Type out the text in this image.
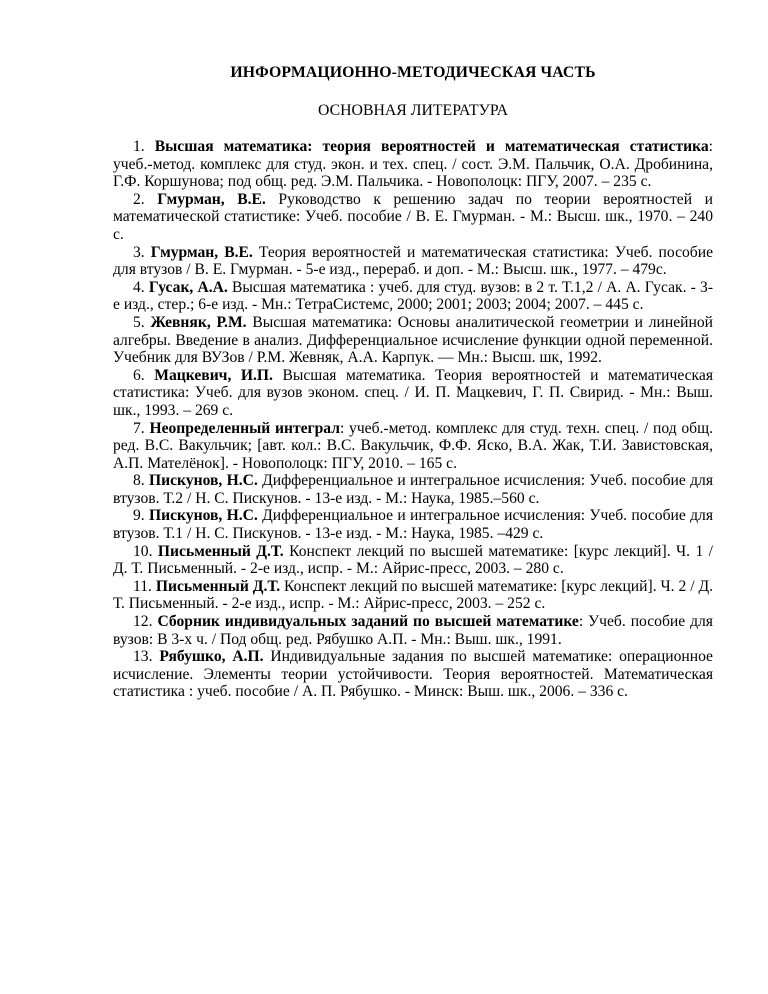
ИНФОРМАЦИОННО-МЕТОДИЧЕСКАЯ ЧАСТЬ

ОСНОВНАЯ ЛИТЕРАТУРА

1. Высшая математика: теория вероятностей и математическая статистика: учеб.-метод. комплекс для студ. экон. и тех. спец. / сост. Э.М. Пальчик, О.А. Дробинина, Г.Ф. Коршунова; под общ. ред. Э.М. Пальчика. - Новополоцк: ПГУ, 2007. – 235 с.

2. Гмурман, В.Е. Руководство к решению задач по теории вероятностей и математической статистике: Учеб. пособие / В. Е. Гмурман. - М.: Высш. шк., 1970. – 240 с.

3. Гмурман, В.Е. Теория вероятностей и математическая статистика: Учеб. пособие для втузов / В. Е. Гмурман. - 5-е изд., перераб. и доп. - М.: Высш. шк., 1977. – 479с.

4. Гусак, А.А. Высшая математика : учеб. для студ. вузов: в 2 т. Т.1,2 / А. А. Гусак. - 3-е изд., стер.; 6-е изд. - Мн.: ТетраСистемс, 2000; 2001; 2003; 2004; 2007. – 445 с.

5. Жевняк, Р.М. Высшая математика: Основы аналитической геометрии и линейной алгебры. Введение в анализ. Дифференциальное исчисление функции одной переменной. Учебник для ВУЗов / Р.М. Жевняк, А.А. Карпук. — Мн.: Высш. шк, 1992.

6. Мацкевич, И.П. Высшая математика. Теория вероятностей и математическая статистика: Учеб. для вузов эконом. спец. / И. П. Мацкевич, Г. П. Свирид. - Мн.: Выш. шк., 1993. – 269 с.

7. Неопределенный интеграл: учеб.-метод. комплекс для студ. техн. спец. / под общ. ред. В.С. Вакульчик; [авт. кол.: В.С. Вакульчик, Ф.Ф. Яско, В.А. Жак, Т.И. Завистовская, А.П. Мателёнок]. - Новополоцк: ПГУ, 2010. – 165 с.

8. Пискунов, Н.С. Дифференциальное и интегральное исчисления: Учеб. пособие для втузов. Т.2 / Н. С. Пискунов. - 13-е изд. - М.: Наука, 1985.–560 с.

9. Пискунов, Н.С. Дифференциальное и интегральное исчисления: Учеб. пособие для втузов. Т.1 / Н. С. Пискунов. - 13-е изд. - М.: Наука, 1985. –429 с.

10. Письменный Д.Т. Конспект лекций по высшей математике: [курс лекций]. Ч. 1 / Д. Т. Письменный. - 2-е изд., испр. - М.: Айрис-пресс, 2003. – 280 с.

11. Письменный Д.Т. Конспект лекций по высшей математике: [курс лекций]. Ч. 2 / Д. Т. Письменный. - 2-е изд., испр. - М.: Айрис-пресс, 2003. – 252 с.

12. Сборник индивидуальных заданий по высшей математике: Учеб. пособие для вузов: В 3-х ч. / Под общ. ред. Рябушко А.П. - Мн.: Выш. шк., 1991.

13. Рябушко, А.П. Индивидуальные задания по высшей математике: операционное исчисление. Элементы теории устойчивости. Теория вероятностей. Математическая статистика : учеб. пособие / А. П. Рябушко. - Минск: Выш. шк., 2006. – 336 с.
